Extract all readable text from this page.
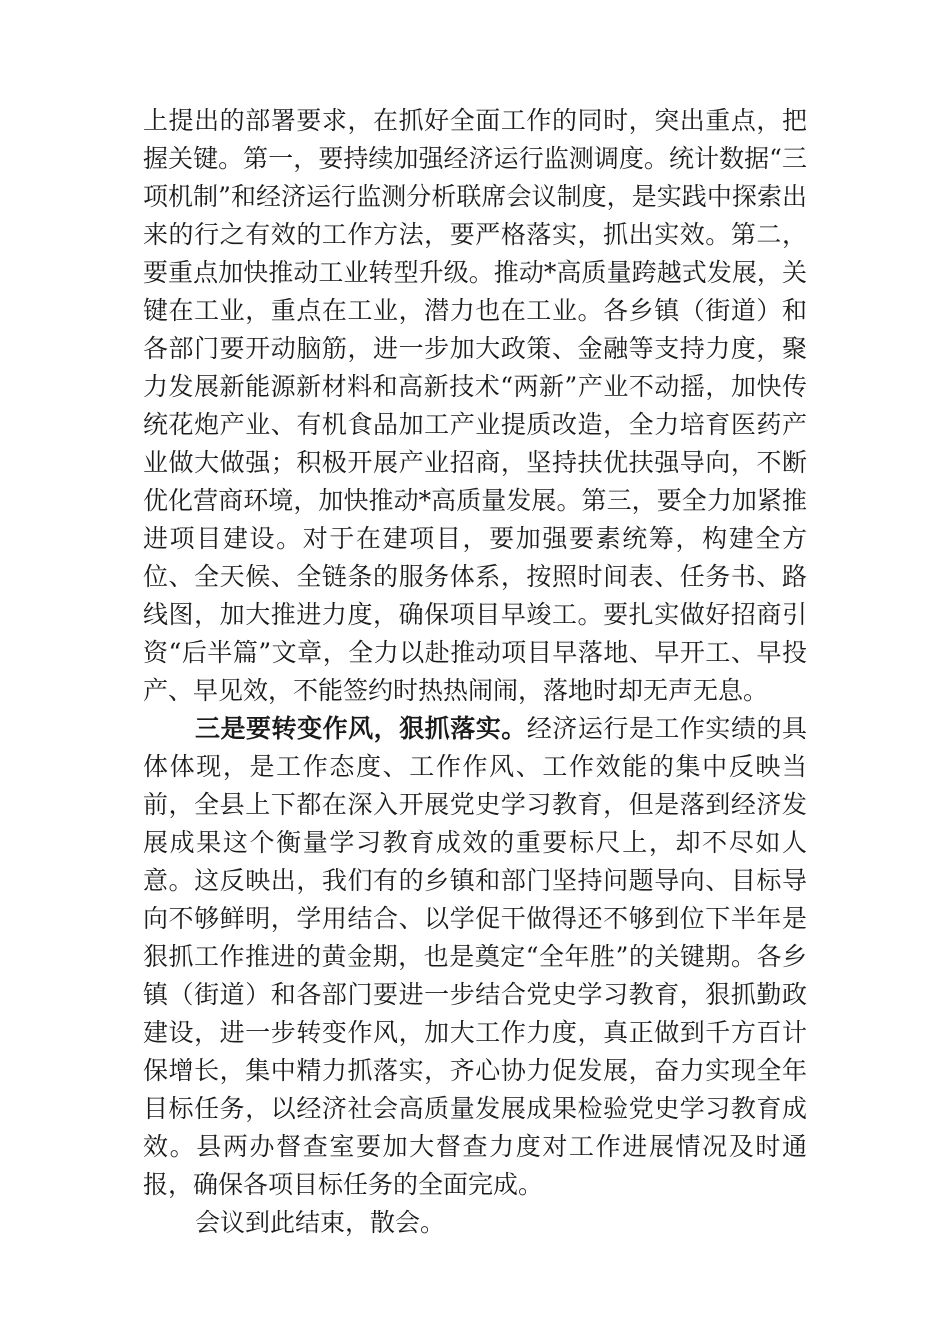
上提出的部署要求，在抓好全面工作的同时，突出重点，把握关键。第一，要持续加强经济运行监测调度。统计数据“三项机制”和经济运行监测分析联席会议制度，是实践中探索出来的行之有效的工作方法，要严格落实，抓出实效。第二，要重点加快推动工业转型升级。推动*高质量跨越式发展，关键在工业，重点在工业，潜力也在工业。各乡镇（街道）和各部门要开动脑筋，进一步加大政策、金融等支持力度，聚力发展新能源新材料和高新技术“两新”产业不动摇，加快传统花炮产业、有机食品加工产业提质改造，全力培育医药产业做大做强；积极开展产业招商，坚持扶优扶强导向，不断优化营商环境，加快推动*高质量发展。第三，要全力加紧推进项目建设。对于在建项目，要加强要素统筹，构建全方位、全天候、全链条的服务体系，按照时间表、任务书、路线图，加大推进力度，确保项目早竣工。要扎实做好招商引资“后半篇”文章，全力以赴推动项目早落地、早开工、早投产、早见效，不能签约时热热闹闹，落地时却无声无息。

三是要转变作风，狠抓落实。经济运行是工作实绩的具体体现，是工作态度、工作作风、工作效能的集中反映当前，全县上下都在深入开展党史学习教育，但是落到经济发展成果这个衡量学习教育成效的重要标尺上，却不尽如人意。这反映出，我们有的乡镇和部门坚持问题导向、目标导向不够鲜明，学用结合、以学促干做得还不够到位下半年是狠抓工作推进的黄金期，也是奠定“全年胜”的关键期。各乡镇（街道）和各部门要进一步结合党史学习教育，狠抓勤政建设，进一步转变作风，加大工作力度，真正做到千方百计保增长，集中精力抓落实，齐心协力促发展，奋力实现全年目标任务，以经济社会高质量发展成果检验党史学习教育成效。县两办督查室要加大督查力度对工作进展情况及时通报，确保各项目标任务的全面完成。

会议到此结束，散会。
